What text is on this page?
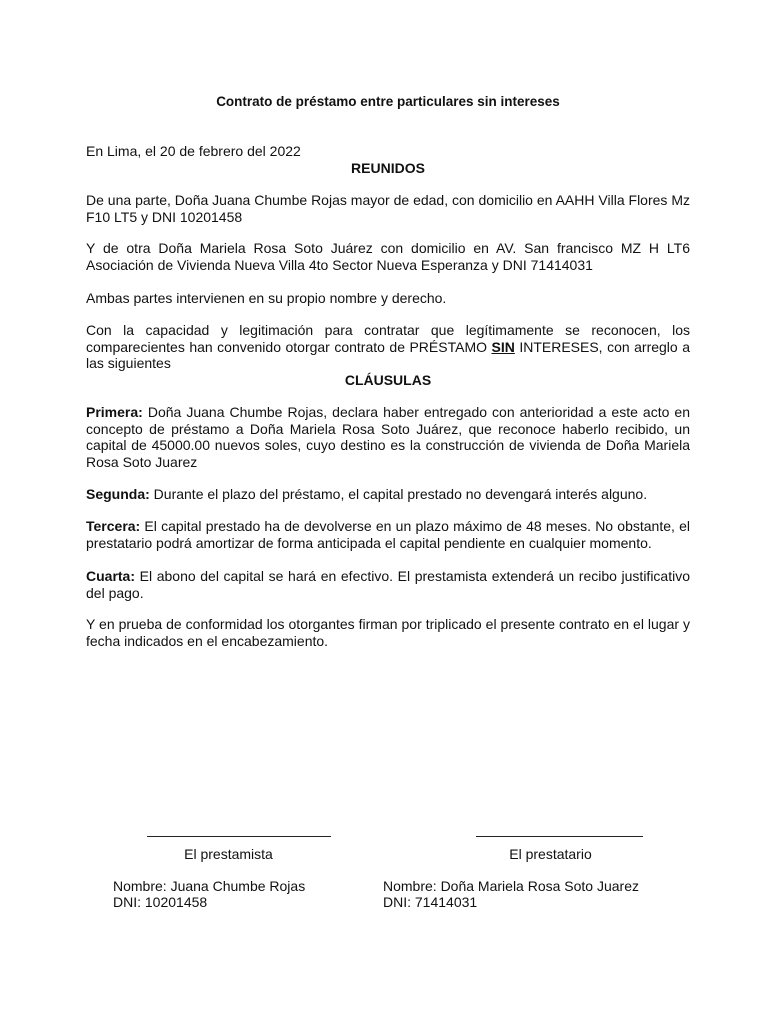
Contrato de préstamo entre particulares sin intereses

En Lima, el 20 de febrero del 2022

REUNIDOS

De una parte, Doña Juana Chumbe Rojas mayor de edad, con domicilio en AAHH Villa Flores Mz F10 LT5 y DNI 10201458

Y de otra Doña Mariela Rosa Soto Juárez con domicilio en AV. San francisco MZ H LT6 Asociación de Vivienda Nueva Villa 4to Sector Nueva Esperanza y DNI 71414031

Ambas partes intervienen en su propio nombre y derecho.

Con la capacidad y legitimación para contratar que legítimamente se reconocen, los comparecientes han convenido otorgar contrato de PRÉSTAMO SIN INTERESES, con arreglo a las siguientes

CLÁUSULAS

Primera: Doña Juana Chumbe Rojas, declara haber entregado con anterioridad a este acto en concepto de préstamo a Doña Mariela Rosa Soto Juárez, que reconoce haberlo recibido, un capital de 45000.00 nuevos soles, cuyo destino es la construcción de vivienda de Doña Mariela Rosa Soto Juarez

Segunda: Durante el plazo del préstamo, el capital prestado no devengará interés alguno.

Tercera: El capital prestado ha de devolverse en un plazo máximo de 48 meses. No obstante, el prestatario podrá amortizar de forma anticipada el capital pendiente en cualquier momento.

Cuarta: El abono del capital se hará en efectivo. El prestamista extenderá un recibo justificativo del pago.

Y en prueba de conformidad los otorgantes firman por triplicado el presente contrato en el lugar y fecha indicados en el encabezamiento.

El prestamista
Nombre: Juana Chumbe Rojas
DNI: 10201458
El prestatario
Nombre: Doña Mariela Rosa Soto Juarez
DNI: 71414031
